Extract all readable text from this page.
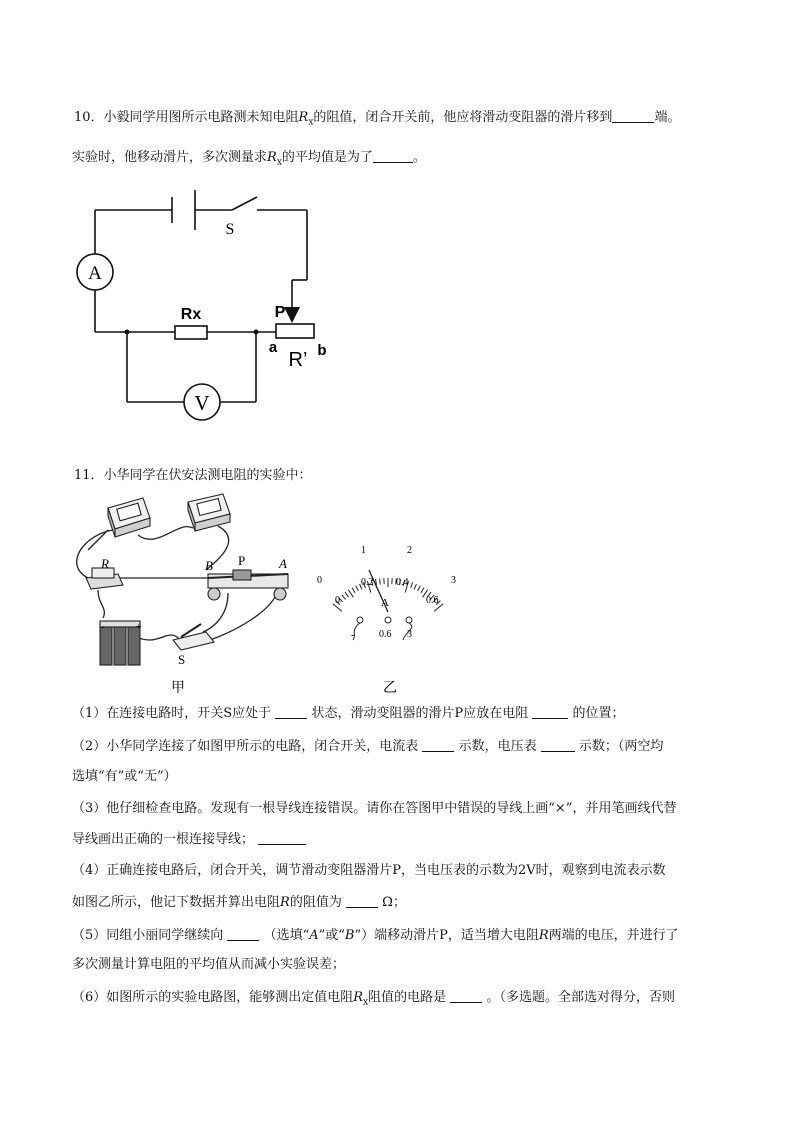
10．小毅同学用图所示电路测未知电阻$R_x$的阻值，闭合开关前，他应将滑动变阻器的滑片移到	端。
实验时，他移动滑片，多次测量求$R_x$的平均值是为了	。
A
V
S
Rx	P
a	b
R’
11．小华同学在伏安法测电阻的实验中：
R	B P	A
S
-	+
甲
0
1	2
3
0
0.2 0.4
0.6
A
- 0.6 3
乙
（1）在连接电路时，开关S应处于	状态，滑动变阻器的滑片P应放在电阻	的位置；
（2）小华同学连接了如图甲所示的电路，闭合开关，电流表	示数，电压表	示数；（两空均
选填“有”或“无”）
（3）他仔细检查电路。发现有一根导线连接错误。请你在答图甲中错误的导线上画“×”，并用笔画线代替
导线画出正确的一根连接导线；
（4）正确连接电路后，闭合开关，调节滑动变阻器滑片P，当电压表的示数为2V时，观察到电流表示数
如图乙所示，他记下数据并算出电阻R的阻值为	Ω；
（5）同组小丽同学继续向	（选填“A”或“B”）端移动滑片P，适当增大电阻R两端的电压，并进行了
多次测量计算电阻的平均值从而减小实验误差；
（6）如图所示的实验电路图，能够测出定值电阻$R_x$阻值的电路是	。（多选题。全部选对得分，否则
